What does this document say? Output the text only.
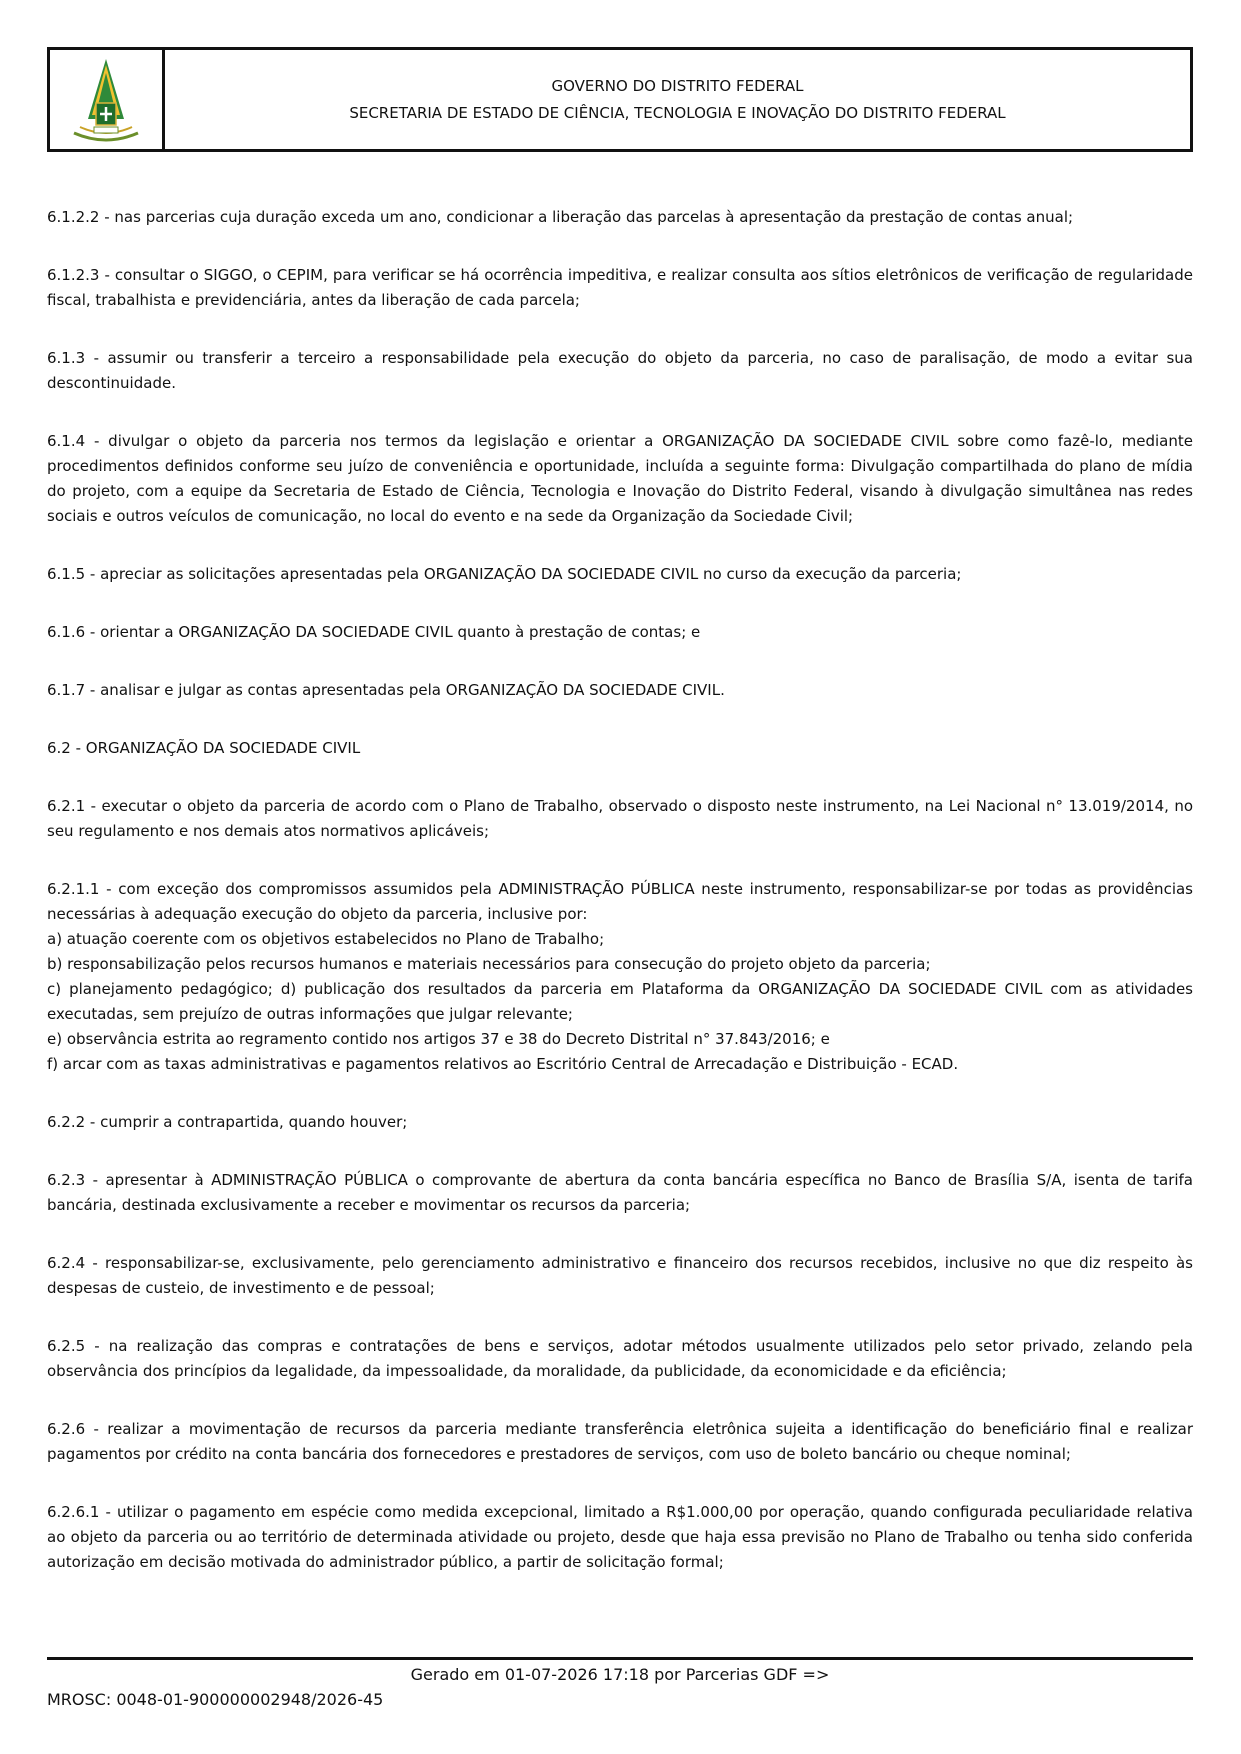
GOVERNO DO DISTRITO FEDERAL
SECRETARIA DE ESTADO DE CIÊNCIA, TECNOLOGIA E INOVAÇÃO DO DISTRITO FEDERAL

6.1.2.2 - nas parcerias cuja duração exceda um ano, condicionar a liberação das parcelas à apresentação da prestação de contas anual;

6.1.2.3 - consultar o SIGGO, o CEPIM, para verificar se há ocorrência impeditiva, e realizar consulta aos sítios eletrônicos de verificação de regularidade fiscal, trabalhista e previdenciária, antes da liberação de cada parcela;

6.1.3 - assumir ou transferir a terceiro a responsabilidade pela execução do objeto da parceria, no caso de paralisação, de modo a evitar sua descontinuidade.

6.1.4 - divulgar o objeto da parceria nos termos da legislação e orientar a ORGANIZAÇÃO DA SOCIEDADE CIVIL sobre como fazê-lo, mediante procedimentos definidos conforme seu juízo de conveniência e oportunidade, incluída a seguinte forma: Divulgação compartilhada do plano de mídia do projeto, com a equipe da Secretaria de Estado de Ciência, Tecnologia e Inovação do Distrito Federal, visando à divulgação simultânea nas redes sociais e outros veículos de comunicação, no local do evento e na sede da Organização da Sociedade Civil;

6.1.5 - apreciar as solicitações apresentadas pela ORGANIZAÇÃO DA SOCIEDADE CIVIL no curso da execução da parceria;

6.1.6 - orientar a ORGANIZAÇÃO DA SOCIEDADE CIVIL quanto à prestação de contas; e

6.1.7 - analisar e julgar as contas apresentadas pela ORGANIZAÇÃO DA SOCIEDADE CIVIL.

6.2 - ORGANIZAÇÃO DA SOCIEDADE CIVIL

6.2.1 - executar o objeto da parceria de acordo com o Plano de Trabalho, observado o disposto neste instrumento, na Lei Nacional n° 13.019/2014, no seu regulamento e nos demais atos normativos aplicáveis;

6.2.1.1 - com exceção dos compromissos assumidos pela ADMINISTRAÇÃO PÚBLICA neste instrumento, responsabilizar-se por todas as providências necessárias à adequação execução do objeto da parceria, inclusive por:
a) atuação coerente com os objetivos estabelecidos no Plano de Trabalho;
b) responsabilização pelos recursos humanos e materiais necessários para consecução do projeto objeto da parceria;
c) planejamento pedagógico; d) publicação dos resultados da parceria em Plataforma da ORGANIZAÇÃO DA SOCIEDADE CIVIL com as atividades executadas, sem prejuízo de outras informações que julgar relevante;
e) observância estrita ao regramento contido nos artigos 37 e 38 do Decreto Distrital n° 37.843/2016; e
f) arcar com as taxas administrativas e pagamentos relativos ao Escritório Central de Arrecadação e Distribuição - ECAD.

6.2.2 - cumprir a contrapartida, quando houver;

6.2.3 - apresentar à ADMINISTRAÇÃO PÚBLICA o comprovante de abertura da conta bancária específica no Banco de Brasília S/A, isenta de tarifa bancária, destinada exclusivamente a receber e movimentar os recursos da parceria;

6.2.4 - responsabilizar-se, exclusivamente, pelo gerenciamento administrativo e financeiro dos recursos recebidos, inclusive no que diz respeito às despesas de custeio, de investimento e de pessoal;

6.2.5 - na realização das compras e contratações de bens e serviços, adotar métodos usualmente utilizados pelo setor privado, zelando pela observância dos princípios da legalidade, da impessoalidade, da moralidade, da publicidade, da economicidade e da eficiência;

6.2.6 - realizar a movimentação de recursos da parceria mediante transferência eletrônica sujeita a identificação do beneficiário final e realizar pagamentos por crédito na conta bancária dos fornecedores e prestadores de serviços, com uso de boleto bancário ou cheque nominal;

6.2.6.1 - utilizar o pagamento em espécie como medida excepcional, limitado a R$1.000,00 por operação, quando configurada peculiaridade relativa ao objeto da parceria ou ao território de determinada atividade ou projeto, desde que haja essa previsão no Plano de Trabalho ou tenha sido conferida autorização em decisão motivada do administrador público, a partir de solicitação formal;

Gerado em 01-07-2026 17:18 por Parcerias GDF =>
MROSC: 0048-01-900000002948/2026-45
